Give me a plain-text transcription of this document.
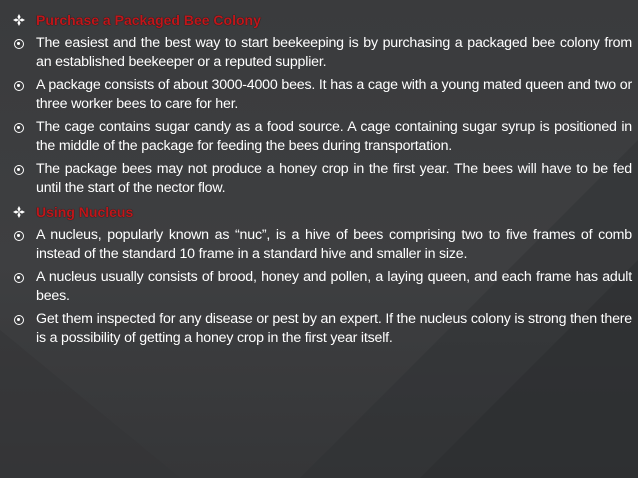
Purchase a Packaged Bee Colony
The easiest and the best way to start beekeeping is by purchasing a packaged bee colony from an established beekeeper or a reputed supplier.
A package consists of about 3000-4000 bees. It has a cage with a young mated queen and two or three worker bees to care for her.
The cage contains sugar candy as a food source. A cage containing sugar syrup is positioned in the middle of the package for feeding the bees during transportation.
The package bees may not produce a honey crop in the first year. The bees will have to be fed until the start of the nector flow.
Using Nucleus
A nucleus, popularly known as “nuc”, is a hive of bees comprising two to five frames of comb instead of the standard 10 frame in a standard hive and smaller in size.
A nucleus usually consists of brood, honey and pollen, a laying queen, and each frame has adult bees.
Get them inspected for any disease or pest by an expert. If the nucleus colony is strong then there is a possibility of getting a honey crop in the first year itself.
